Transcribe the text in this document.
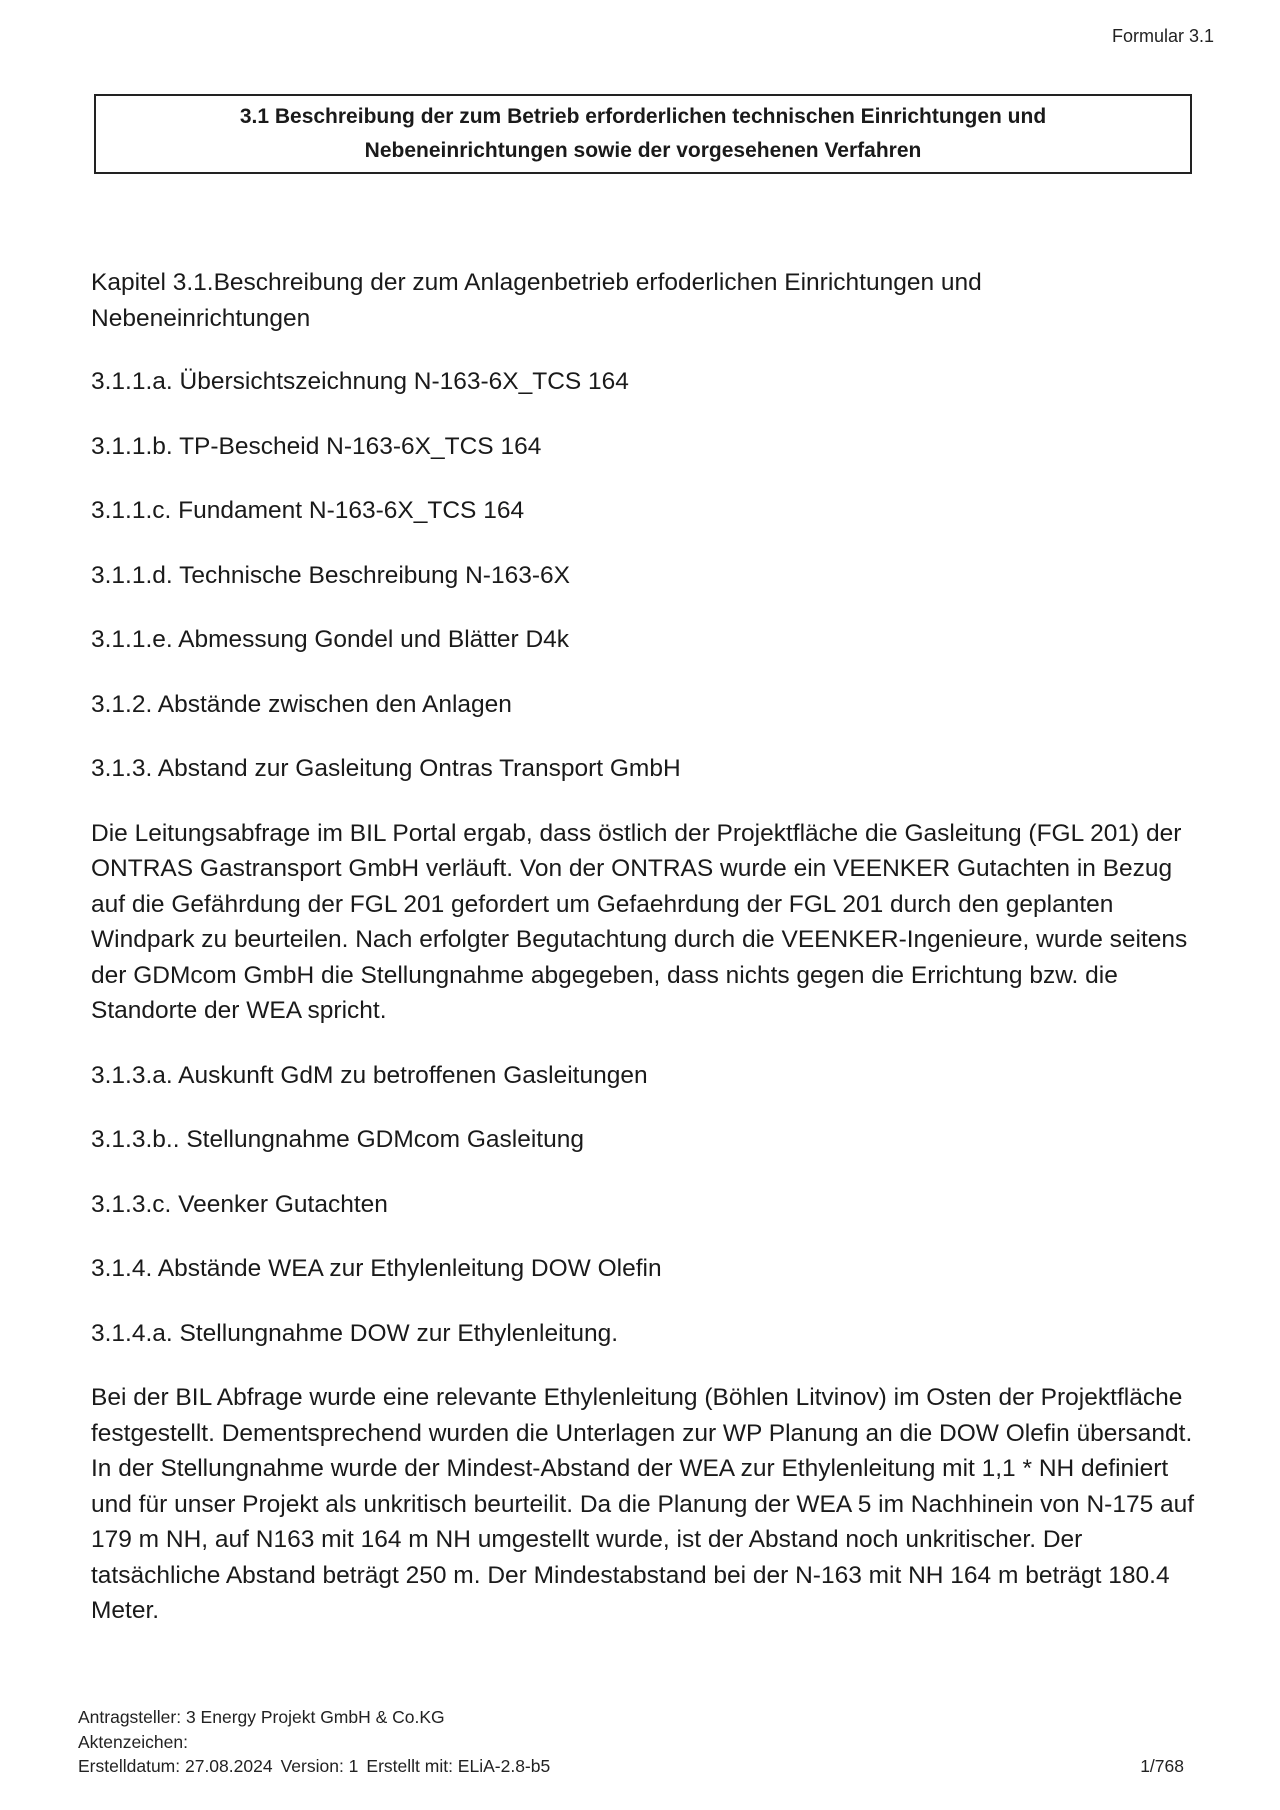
Formular 3.1
3.1 Beschreibung der zum Betrieb erforderlichen technischen Einrichtungen und
Nebeneinrichtungen sowie der vorgesehenen Verfahren

Kapitel 3.1.Beschreibung der zum Anlagenbetrieb erfoderlichen Einrichtungen und Nebeneinrichtungen

3.1.1.a. Übersichtszeichnung N-163-6X_TCS 164

3.1.1.b. TP-Bescheid N-163-6X_TCS 164

3.1.1.c. Fundament N-163-6X_TCS 164

3.1.1.d. Technische Beschreibung N-163-6X

3.1.1.e. Abmessung Gondel und Blätter D4k

3.1.2. Abstände zwischen den Anlagen

3.1.3. Abstand zur Gasleitung Ontras Transport GmbH

Die Leitungsabfrage im BIL Portal ergab, dass östlich der Projektfläche die Gasleitung (FGL 201) der ONTRAS Gastransport GmbH verläuft. Von der ONTRAS wurde ein VEENKER Gutachten in Bezug auf die Gefährdung der FGL 201 gefordert um Gefaehrdung der FGL 201 durch den geplanten Windpark zu beurteilen. Nach erfolgter Begutachtung durch die VEENKER-Ingenieure, wurde seitens der GDMcom GmbH die Stellungnahme abgegeben, dass nichts gegen die Errichtung bzw. die Standorte der WEA spricht.

3.1.3.a. Auskunft GdM zu betroffenen Gasleitungen

3.1.3.b.. Stellungnahme GDMcom Gasleitung

3.1.3.c. Veenker Gutachten

3.1.4. Abstände WEA zur Ethylenleitung DOW Olefin

3.1.4.a. Stellungnahme DOW zur Ethylenleitung.

Bei der BIL Abfrage wurde eine relevante Ethylenleitung (Böhlen Litvinov) im Osten der Projektfläche festgestellt. Dementsprechend wurden die Unterlagen zur WP Planung an die DOW Olefin übersandt. In der Stellungnahme wurde der Mindest-Abstand der WEA zur Ethylenleitung mit 1,1 * NH definiert und für unser Projekt als unkritisch beurteilit. Da die Planung der WEA 5 im Nachhinein von N-175 auf 179 m NH, auf N163 mit 164 m NH umgestellt wurde, ist der Abstand noch unkritischer. Der tatsächliche Abstand beträgt 250 m. Der Mindestabstand bei der N-163 mit NH 164 m beträgt 180.4 Meter.

Antragsteller: 3 Energy Projekt GmbH & Co.KG
Aktenzeichen:
Erstelldatum: 27.08.2024 Version: 1 Erstellt mit: ELiA-2.8-b5	1/768
